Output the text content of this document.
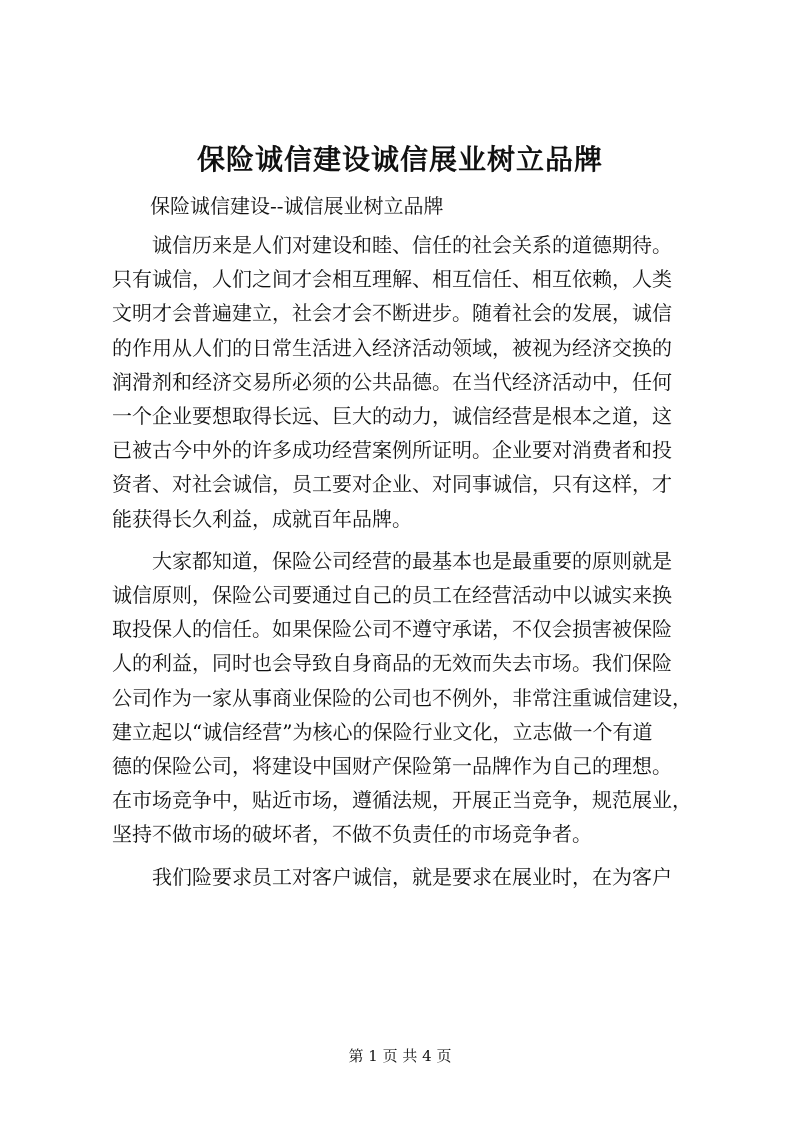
保险诚信建设诚信展业树立品牌
保险诚信建设--诚信展业树立品牌
诚信历来是人们对建设和睦、信任的社会关系的道德期待。
只有诚信，人们之间才会相互理解、相互信任、相互依赖，人类
文明才会普遍建立，社会才会不断进步。随着社会的发展，诚信
的作用从人们的日常生活进入经济活动领域，被视为经济交换的
润滑剂和经济交易所必须的公共品德。在当代经济活动中，任何
一个企业要想取得长远、巨大的动力，诚信经营是根本之道，这
已被古今中外的许多成功经营案例所证明。企业要对消费者和投
资者、对社会诚信，员工要对企业、对同事诚信，只有这样，才
能获得长久利益，成就百年品牌。
大家都知道，保险公司经营的最基本也是最重要的原则就是
诚信原则，保险公司要通过自己的员工在经营活动中以诚实来换
取投保人的信任。如果保险公司不遵守承诺，不仅会损害被保险
人的利益，同时也会导致自身商品的无效而失去市场。我们保险
公司作为一家从事商业保险的公司也不例外，非常注重诚信建设，
建立起以“诚信经营”为核心的保险行业文化，立志做一个有道
德的保险公司，将建设中国财产保险第一品牌作为自己的理想。
在市场竞争中，贴近市场，遵循法规，开展正当竞争，规范展业，
坚持不做市场的破坏者，不做不负责任的市场竞争者。
我们险要求员工对客户诚信，就是要求在展业时，在为客户
第 1 页 共 4 页
